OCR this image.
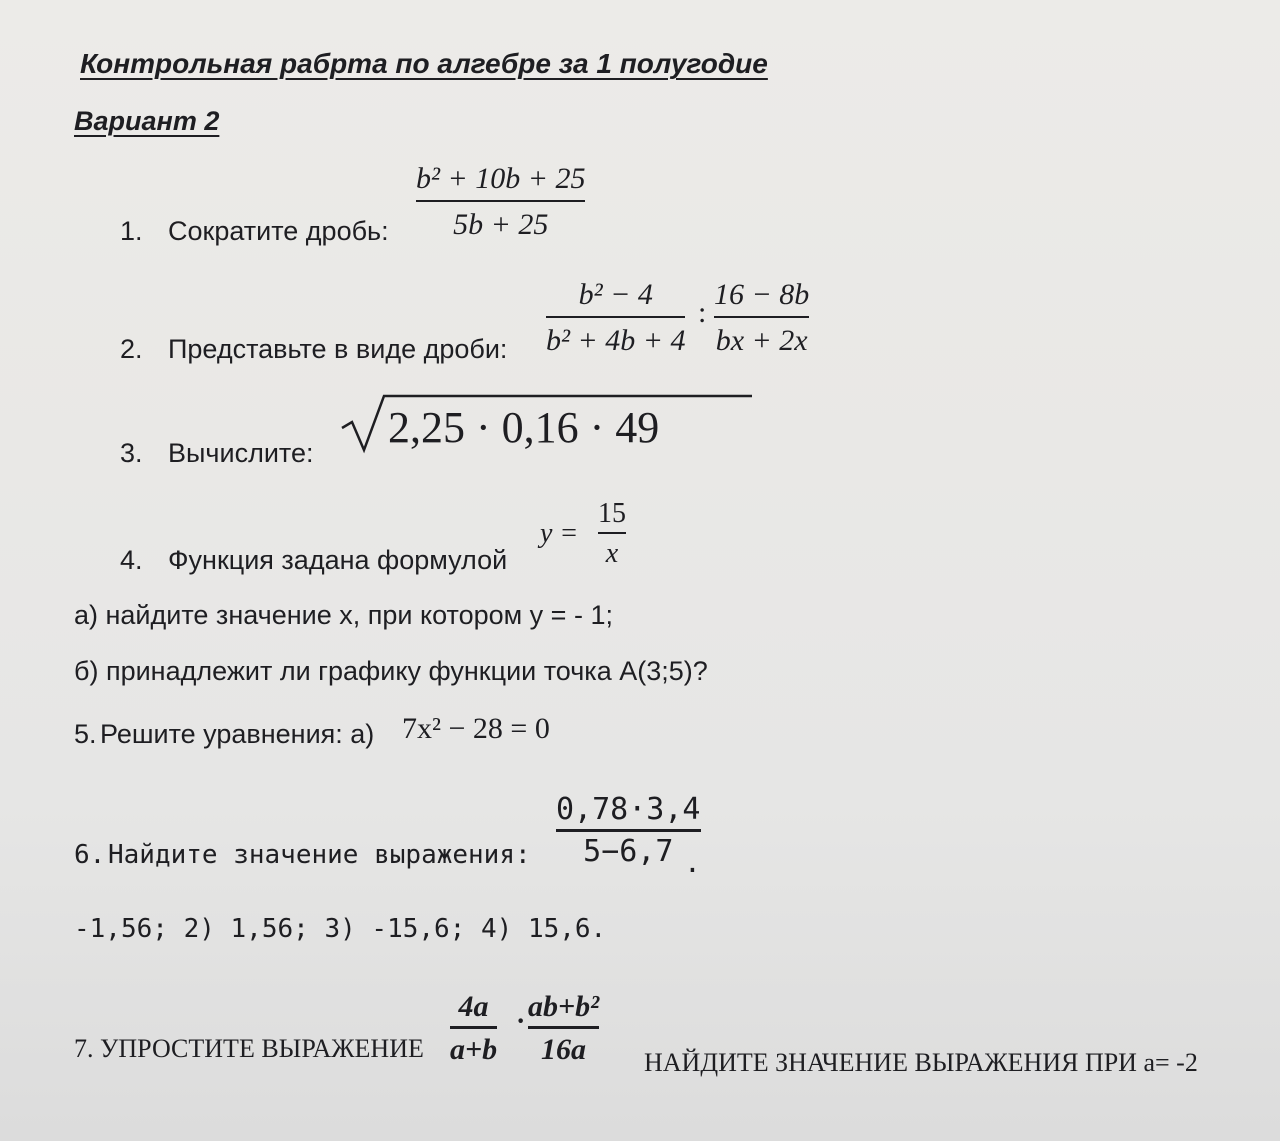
Контрольная рабрта по алгебре за 1 полугодие
Вариант 2
1. Сократите дробь:
b² + 10b + 25
5b + 25
2. Представьте в виде дроби:
b² − 4
b² + 4b + 4
:
16 − 8b
bx + 2x
3. Вычислите:
2,25 · 0,16 · 49
4. Функция задана формулой
y =
15
x
а) найдите значение x, при котором y = - 1;
б) принадлежит ли графику функции точка A(3;5)?
5. Решите уравнения: а) 7x² − 28 = 0
6. Найдите значение выражения:
0,78·3,4
5−6,7 .
-1,56; 2) 1,56; 3) -15,6; 4) 15,6.
7. УПРОСТИТЕ ВЫРАЖЕНИЕ
4a
a+b
· ab+b²
16a НАЙДИТЕ ЗНАЧЕНИЕ ВЫРАЖЕНИЯ ПРИ a= -2
